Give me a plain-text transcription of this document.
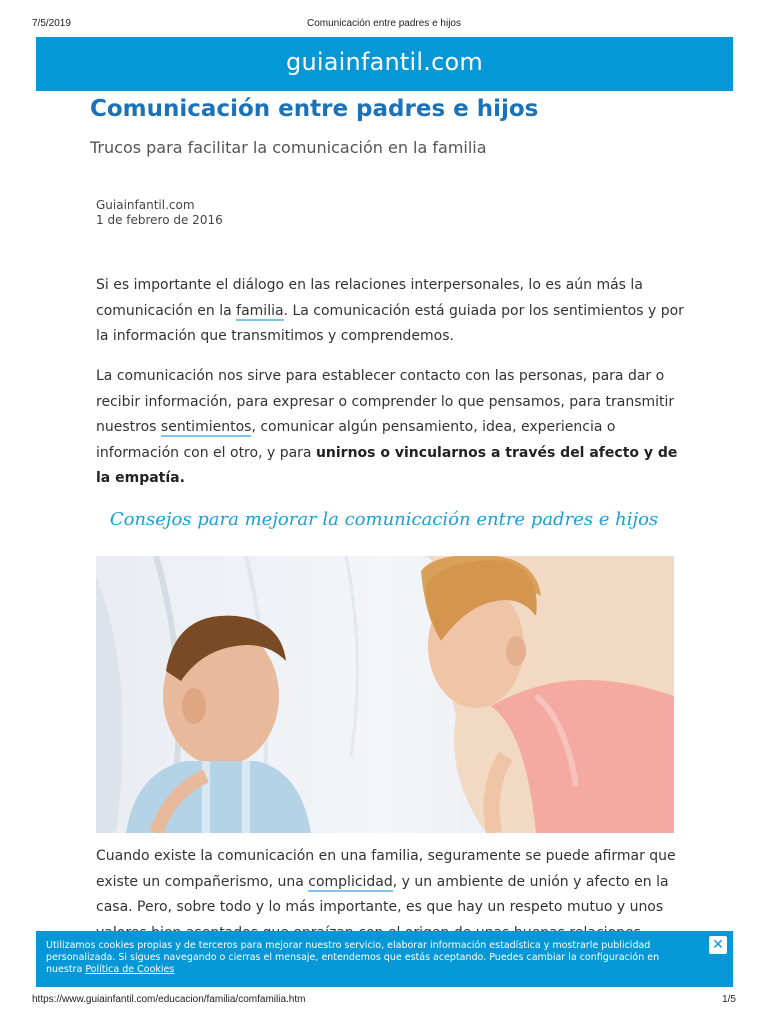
7/5/2019	Comunicación entre padres e hijos
guiainfantil.com
Comunicación entre padres e hijos
Trucos para facilitar la comunicación en la familia
Guiainfantil.com
1 de febrero de 2016

Si es importante el diálogo en las relaciones interpersonales, lo es aún más la comunicación en la familia. La comunicación está guiada por los sentimientos y por la información que transmitimos y comprendemos.

La comunicación nos sirve para establecer contacto con las personas, para dar o recibir información, para expresar o comprender lo que pensamos, para transmitir nuestros sentimientos, comunicar algún pensamiento, idea, experiencia o información con el otro, y para unirnos o vincularnos a través del afecto y de la empatía.

Consejos para mejorar la comunicación entre padres e hijos

Cuando existe la comunicación en una familia, seguramente se puede afirmar que existe un compañerismo, una complicidad, y un ambiente de unión y afecto en la casa. Pero, sobre todo y lo más importante, es que hay un respeto mutuo y unos

Utilizamos cookies propias y de terceros para mejorar nuestro servicio, elaborar información estadística y mostrarle publicidad personalizada. Si sigues navegando o cierras el mensaje, entendemos que estás aceptando. Puedes cambiar la configuración en nuestra Política de Cookies
✕
https://www.guiainfantil.com/educacion/familia/comfamilia.htm	1/5
